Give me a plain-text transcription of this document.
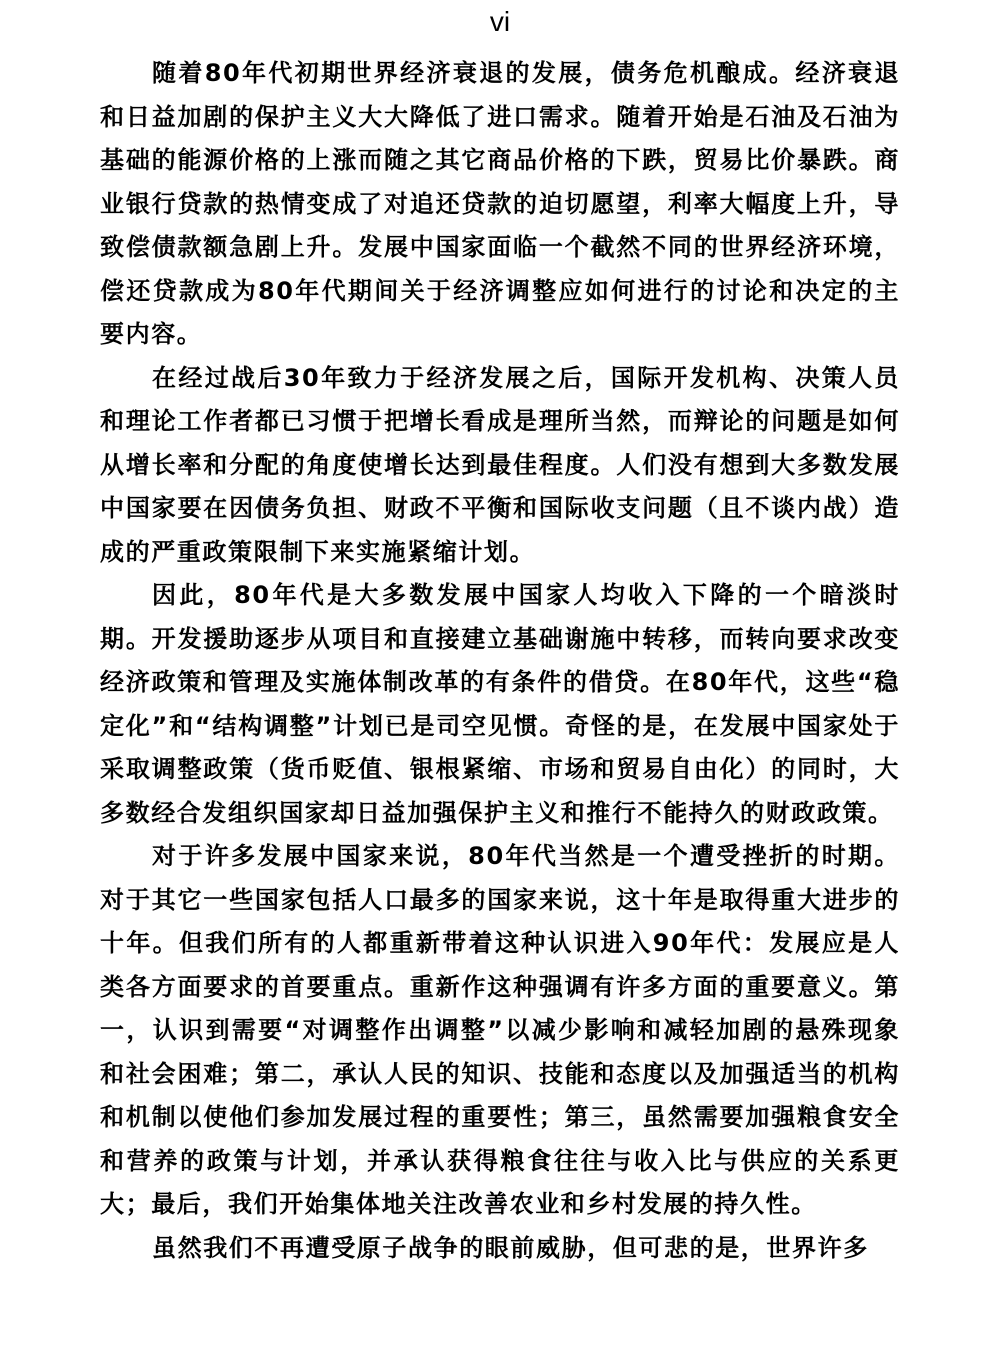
vi

随着80年代初期世界经济衰退的发展，债务危机酿成。经济衰退和日益加剧的保护主义大大降低了进口需求。随着开始是石油及石油为基础的能源价格的上涨而随之其它商品价格的下跌，贸易比价暴跌。商业银行贷款的热情变成了对追还贷款的迫切愿望，利率大幅度上升，导致偿债款额急剧上升。发展中国家面临一个截然不同的世界经济环境，偿还贷款成为80年代期间关于经济调整应如何进行的讨论和决定的主要内容。

在经过战后30年致力于经济发展之后，国际开发机构、决策人员和理论工作者都已习惯于把增长看成是理所当然，而辩论的问题是如何从增长率和分配的角度使增长达到最佳程度。人们没有想到大多数发展中国家要在因债务负担、财政不平衡和国际收支问题（且不谈内战）造成的严重政策限制下来实施紧缩计划。

因此，80年代是大多数发展中国家人均收入下降的一个暗淡时期。开发援助逐步从项目和直接建立基础谢施中转移，而转向要求改变经济政策和管理及实施体制改革的有条件的借贷。在80年代，这些“稳定化”和“结构调整”计划已是司空见惯。奇怪的是，在发展中国家处于采取调整政策（货币贬值、银根紧缩、市场和贸易自由化）的同时，大多数经合发组织国家却日益加强保护主义和推行不能持久的财政政策。

对于许多发展中国家来说，80年代当然是一个遭受挫折的时期。对于其它一些国家包括人口最多的国家来说，这十年是取得重大进步的十年。但我们所有的人都重新带着这种认识进入90年代：发展应是人类各方面要求的首要重点。重新作这种强调有许多方面的重要意义。第一，认识到需要“对调整作出调整”以减少影响和减轻加剧的悬殊现象和社会困难；第二，承认人民的知识、技能和态度以及加强适当的机构和机制以使他们参加发展过程的重要性；第三，虽然需要加强粮食安全和营养的政策与计划，并承认获得粮食往往与收入比与供应的关系更大；最后，我们开始集体地关注改善农业和乡村发展的持久性。

虽然我们不再遭受原子战争的眼前威胁，但可悲的是，世界许多
